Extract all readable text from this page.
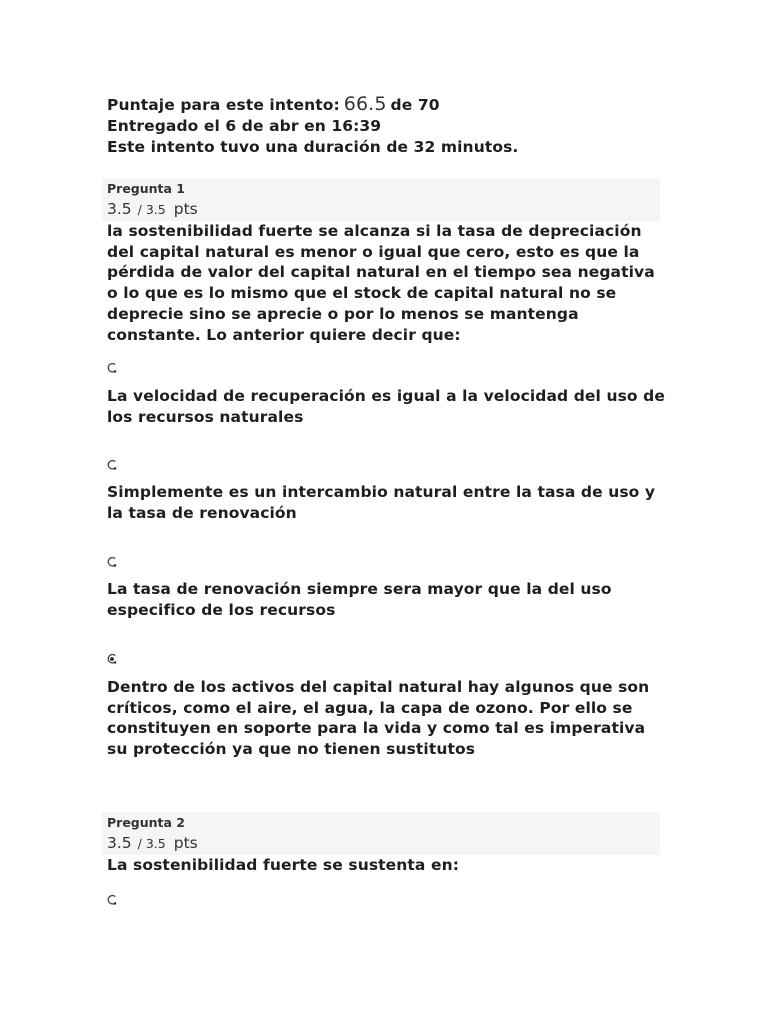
Puntaje para este intento: 66.5 de 70
Entregado el 6 de abr en 16:39
Este intento tuvo una duración de 32 minutos.
Pregunta 1
3.5 / 3.5 pts
la sostenibilidad fuerte se alcanza si la tasa de depreciación del capital natural es menor o igual que cero, esto es que la pérdida de valor del capital natural en el tiempo sea negativa o lo que es lo mismo que el stock de capital natural no se deprecie sino se aprecie o por lo menos se mantenga constante. Lo anterior quiere decir que:
La velocidad de recuperación es igual a la velocidad del uso de los recursos naturales
Simplemente es un intercambio natural entre la tasa de uso y la tasa de renovación
La tasa de renovación siempre sera mayor que la del uso especifico de los recursos
Dentro de los activos del capital natural hay algunos que son críticos, como el aire, el agua, la capa de ozono. Por ello se constituyen en soporte para la vida y como tal es imperativa su protección ya que no tienen sustitutos
Pregunta 2
3.5 / 3.5 pts
La sostenibilidad fuerte se sustenta en:
